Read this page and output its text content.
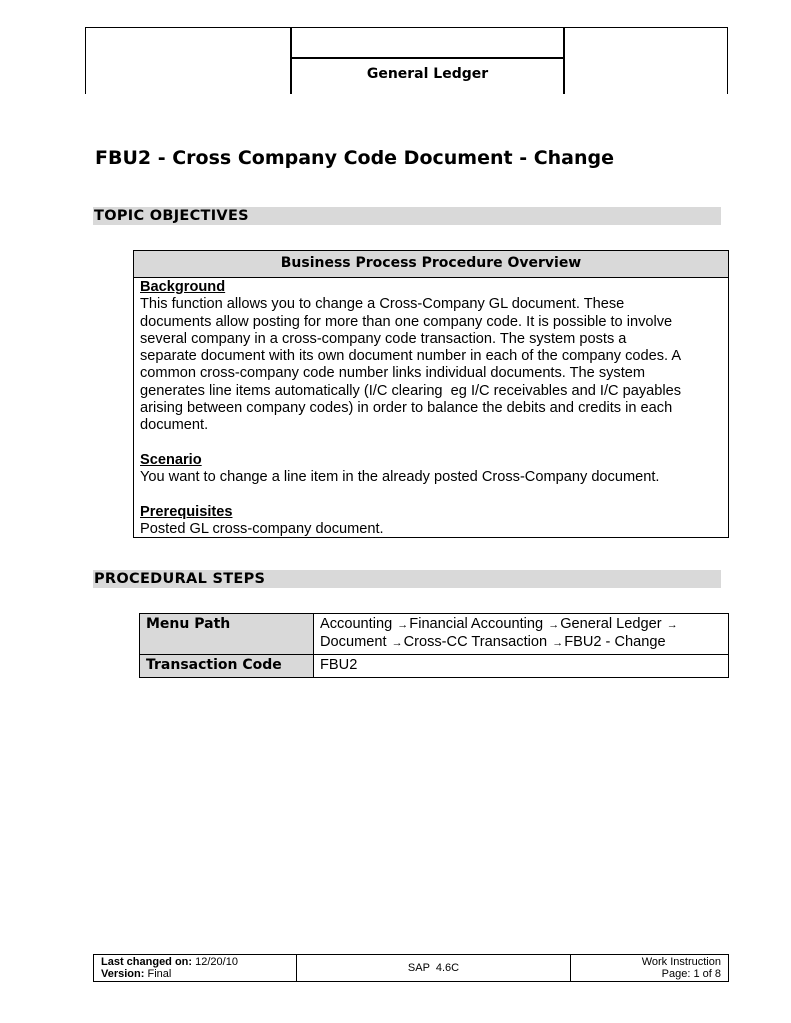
General Ledger
FBU2 - Cross Company Code Document - Change
TOPIC OBJECTIVES
Business Process Procedure Overview
Background

This function allows you to change a Cross-Company GL document. These

documents allow posting for more than one company code. It is possible to involve

several company in a cross-company code transaction. The system posts a

separate document with its own document number in each of the company codes. A

common cross-company code number links individual documents. The system

generates line items automatically (I/C clearing  eg I/C receivables and I/C payables

arising between company codes) in order to balance the debits and credits in each

document.

Scenario

You want to change a line item in the already posted Cross-Company document.

Prerequisites

Posted GL cross-company document.

PROCEDURAL STEPS
Menu Path	Accounting →Financial Accounting →General Ledger →
Document →Cross-CC Transaction →FBU2 - Change

Transaction Code	FBU2
Last changed on: 12/20/10
Version: Final	SAP  4.6C	Work Instruction
Page: 1 of 8
